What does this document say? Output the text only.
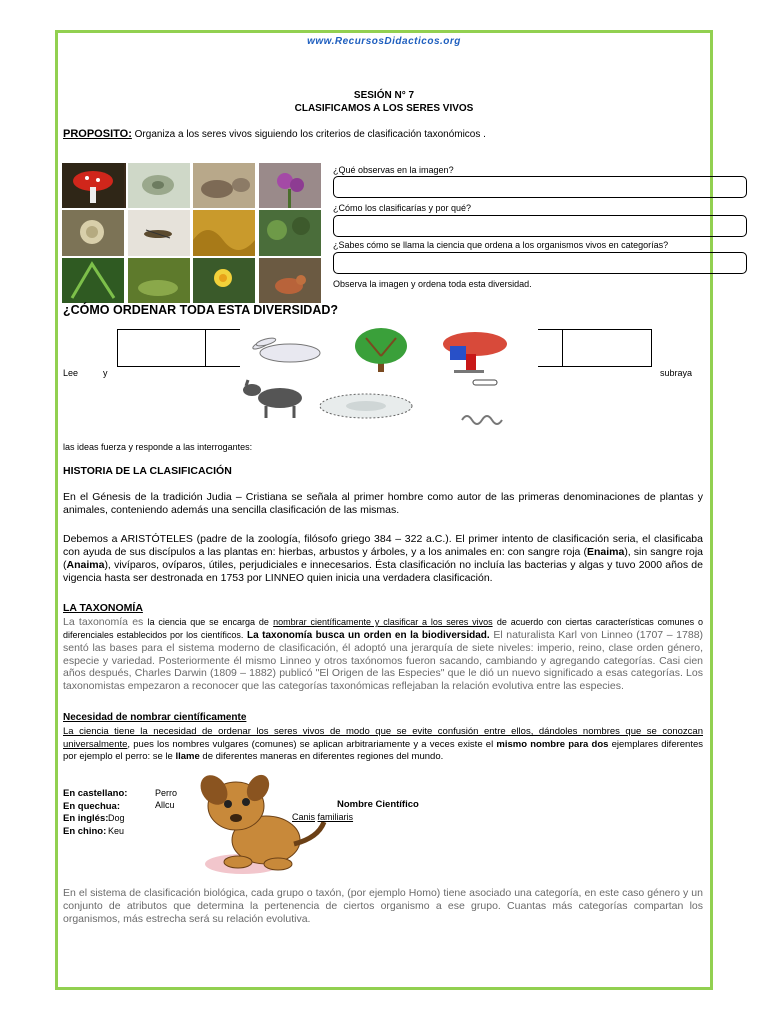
www.RecursosDidacticos.org
SESIÓN N° 7
CLASIFICAMOS A LOS SERES VIVOS
PROPOSITO: Organiza a los seres vivos siguiendo los criterios de clasificación taxonómicos .
¿Qué observas en la imagen?
¿Cómo los clasificarías y por qué?
¿Sabes cómo se llama la ciencia que ordena a los organismos vivos en categorías?
Observa la imagen y ordena toda esta diversidad.
¿CÓMO ORDENAR TODA ESTA DIVERSIDAD?
Lee	y	subraya
las ideas fuerza y responde a las interrogantes:
HISTORIA DE LA CLASIFICACIÓN

En el Génesis de la tradición Judia – Cristiana se señala al primer hombre como autor de las primeras denominaciones de plantas y animales, conteniendo además una sencilla clasificación de las mismas.

Debemos a ARISTÓTELES (padre de la zoología, filósofo griego 384 – 322 a.C.). El primer intento de clasificación seria, el clasificaba con ayuda de sus discípulos a las plantas en: hierbas, arbustos y árboles, y a los animales en: con sangre roja (Enaima), sin sangre roja (Anaima), vivíparos, ovíparos, útiles, perjudiciales e innecesarios. Ésta clasificación no incluía las bacterias y algas y tuvo 2000 años de vigencia hasta ser destronada en 1753 por LINNEO quien inicia una verdadera clasificación.

LA TAXONOMÍA

La taxonomía es la ciencia que se encarga de nombrar científicamente y clasificar a los seres vivos de acuerdo con ciertas características comunes o diferenciales establecidos por los científicos. La taxonomía busca un orden en la biodiversidad. El naturalista Karl von Linneo (1707 – 1788) sentó las bases para el sistema moderno de clasificación, él adoptó una jerarquía de siete niveles: imperio, reino, clase orden género, especie y variedad. Posteriormente él mismo Linneo y otros taxónomos fueron sacando, cambiando y agregando categorías. Casi cien años después, Charles Darwin (1809 – 1882) publicó "El Origen de las Especies" que le dió un nuevo significado a esas categorías. Los taxonomistas empezaron a reconocer que las categorías taxonómicas reflejaban la relación evolutiva entre las especies.

Necesidad de nombrar científicamente

La ciencia tiene la necesidad de ordenar los seres vivos de modo que se evite confusión entre ellos, dándoles nombres que se conozcan universalmente, pues los nombres vulgares (comunes) se aplican arbitrariamente y a veces existe el mismo nombre para dos ejemplares diferentes por ejemplo el perro: se le llame de diferentes maneras en diferentes regiones del mundo.

En castellano:
En quechua:
En inglés:
En chino:
Perro
Allcu
Dog
Keu
Nombre Científico
Canis familiaris

En el sistema de clasificación biológica, cada grupo o taxón, (por ejemplo Homo) tiene asociado una categoría, en este caso género y un conjunto de atributos que determina la pertenencia de ciertos organismo a ese grupo. Cuantas más categorías compartan los organismos, más estrecha será su relación evolutiva.
